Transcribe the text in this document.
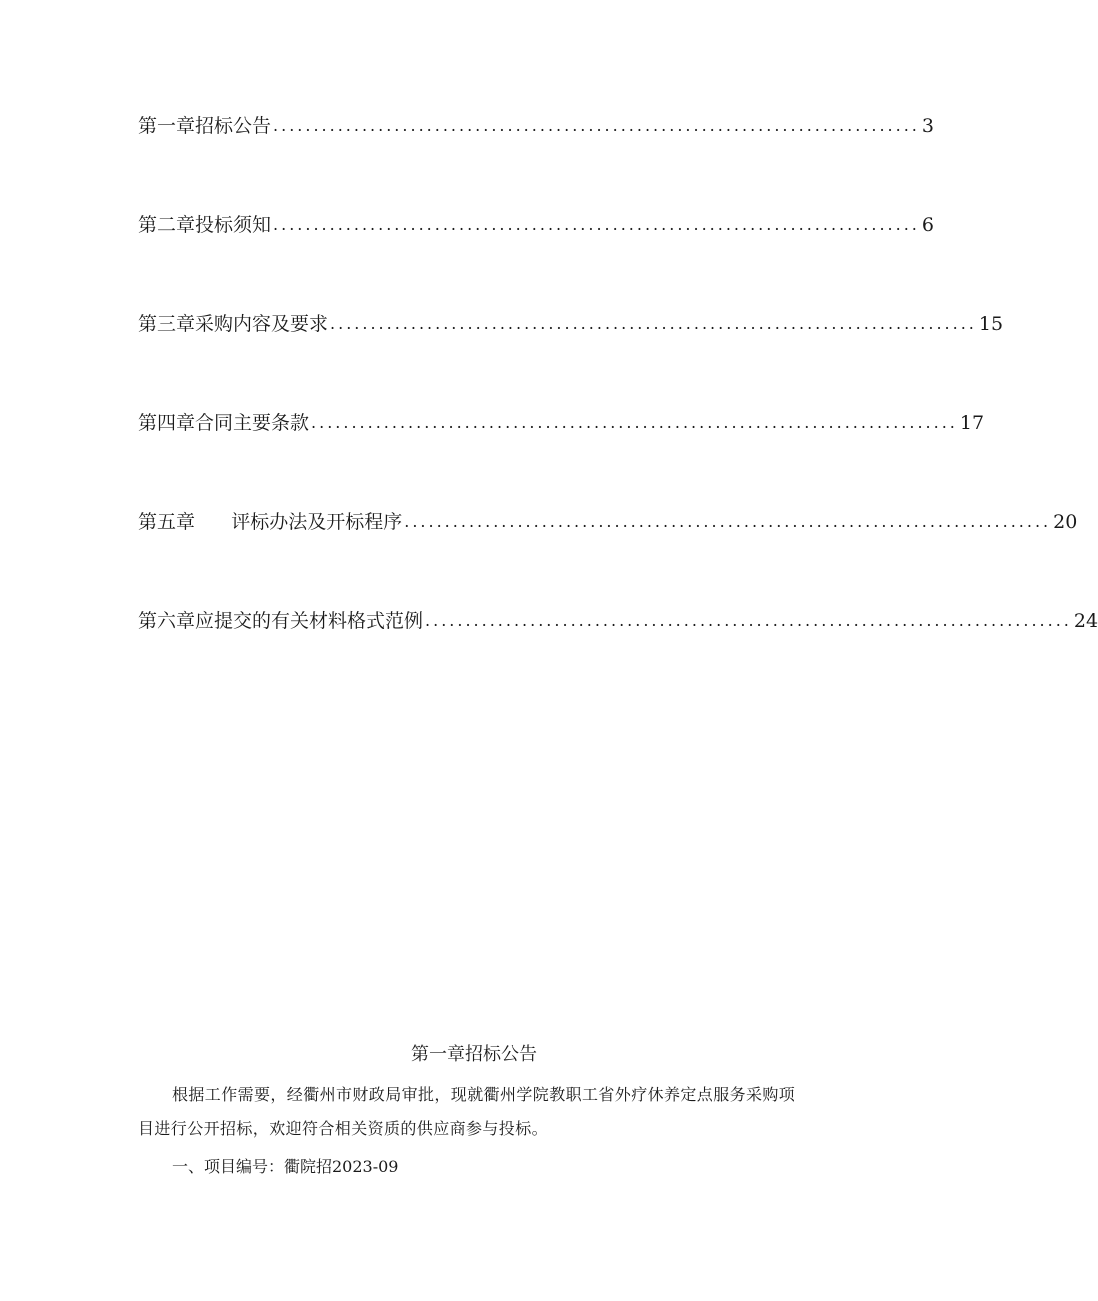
第一章招标公告 ................................................................................ 3
第二章投标须知 ................................................................................ 6
第三章采购内容及要求 ................................................................................ 15
第四章合同主要条款 ................................................................................ 17
第五章      评标办法及开标程序 ................................................................................ 20
第六章应提交的有关材料格式范例 ................................................................................ 24
第一章招标公告

根据工作需要，经衢州市财政局审批，现就衢州学院教职工省外疗休养定点服务采购项目进行公开招标，欢迎符合相关资质的供应商参与投标。

一、项目编号：衢院招2023-09
